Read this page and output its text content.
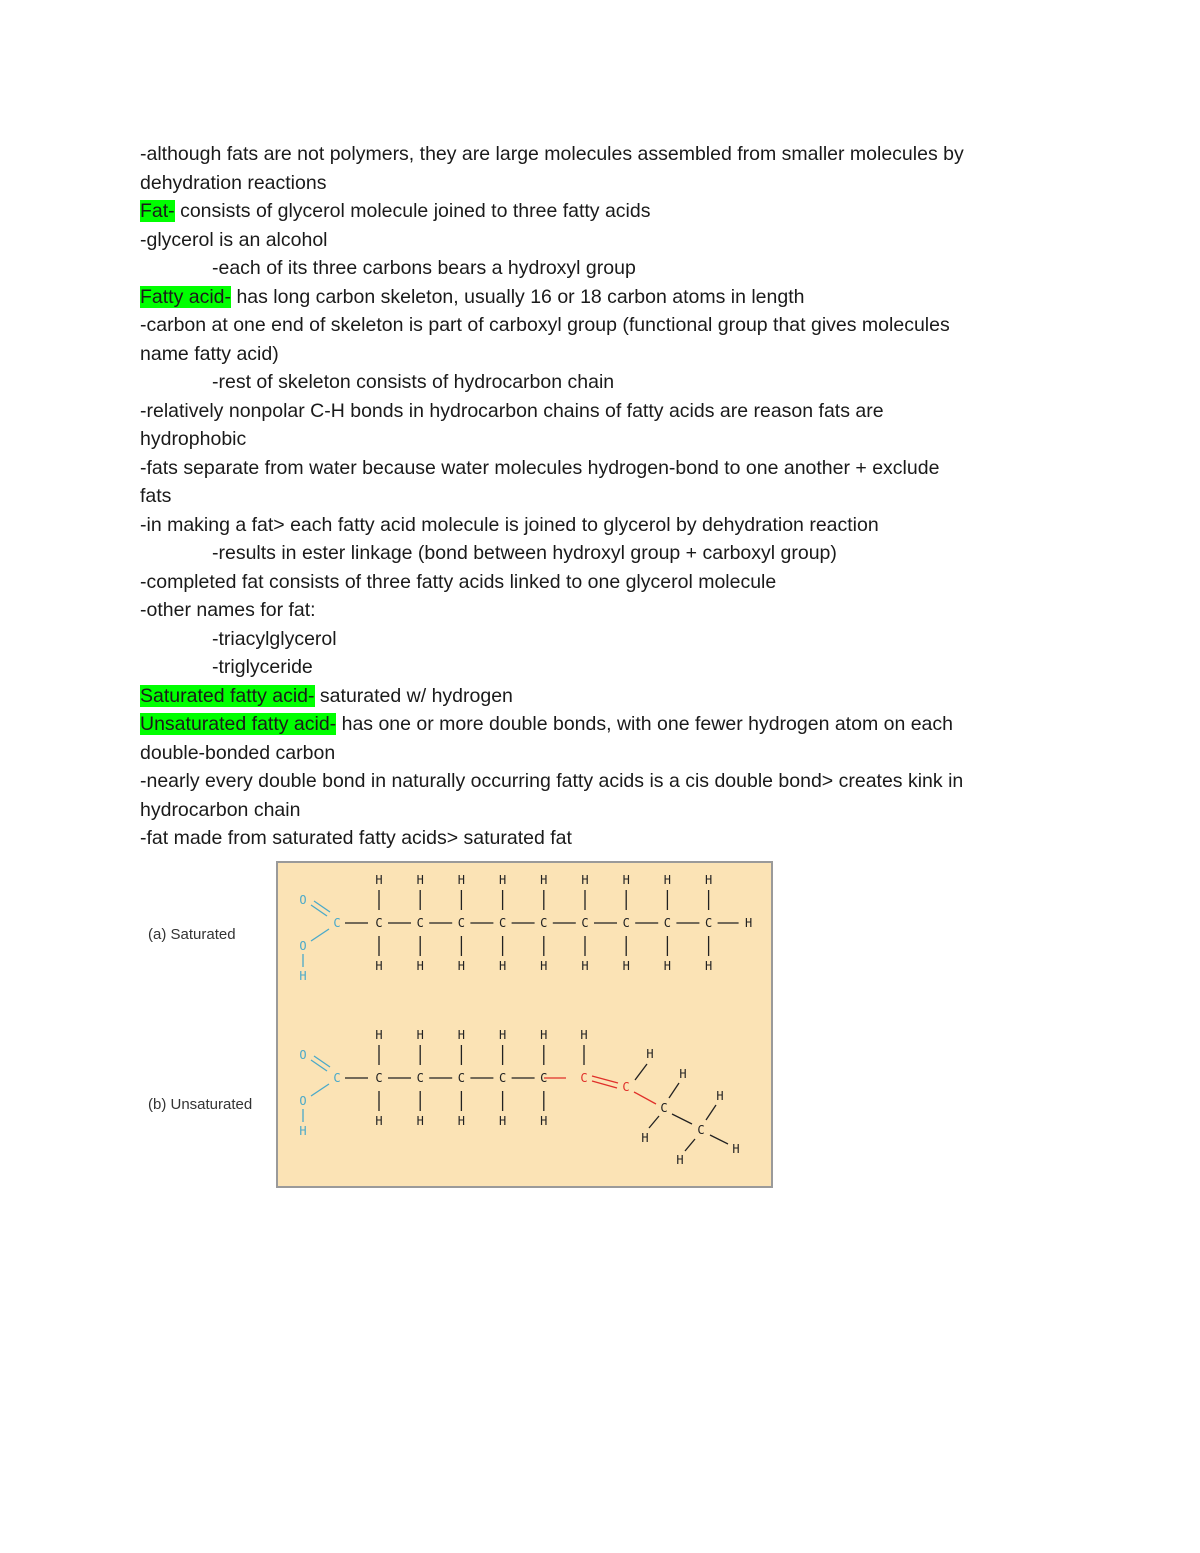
-although fats are not polymers, they are large molecules assembled from smaller molecules by
dehydration reactions
Fat- consists of glycerol molecule joined to three fatty acids
-glycerol is an alcohol
-each of its three carbons bears a hydroxyl group
Fatty acid- has long carbon skeleton, usually 16 or 18 carbon atoms in length
-carbon at one end of skeleton is part of carboxyl group (functional group that gives molecules
name fatty acid)
-rest of skeleton consists of hydrocarbon chain
-relatively nonpolar C-H bonds in hydrocarbon chains of fatty acids are reason fats are
hydrophobic
-fats separate from water because water molecules hydrogen-bond to one another + exclude
fats
-in making a fat> each fatty acid molecule is joined to glycerol by dehydration reaction
-results in ester linkage (bond between hydroxyl group + carboxyl group)
-completed fat consists of three fatty acids linked to one glycerol molecule
-other names for fat:
-triacylglycerol
-triglyceride
Saturated fatty acid- saturated w/ hydrogen
Unsaturated fatty acid- has one or more double bonds, with one fewer hydrogen atom on each
double-bonded carbon
-nearly every double bond in naturally occurring fatty acids is a cis double bond> creates kink in
hydrocarbon chain
-fat made from saturated fatty acids> saturated fat
(a) Saturated
(b) Unsaturated
O
C
O
H
C
H
H
C
H
H
C
H
H
C
H
H
C
H
H
C
H
H
C
H
H
C
H
H
C
H
H
H
O
C
O
H
C
H
H
C
H
H
C
H
H
C
H
H
C
H
H
C
H
C
H
C
H
H
C
H
H
H
